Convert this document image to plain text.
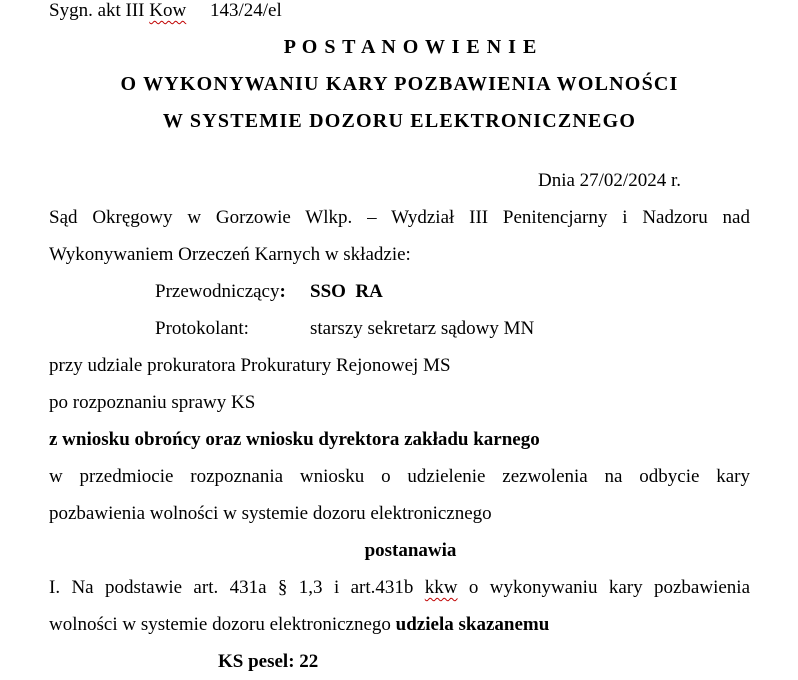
Sygn. akt III Kow     143/24/el
P O S T A N O W I E N I E
O WYKONYWANIU KARY POZBAWIENIA WOLNOŚCI
W SYSTEMIE DOZORU ELEKTRONICZNEGO
Dnia 27/02/2024 r.
Sąd Okręgowy w Gorzowie Wlkp. – Wydział III Penitencjarny i Nadzoru nad
Wykonywaniem Orzeczeń Karnych w składzie:
Przewodniczący: SSO  RA
Protokolant:	starszy sekretarz sądowy MN
przy udziale prokuratora Prokuratury Rejonowej MS
po rozpoznaniu sprawy KS
z wniosku obrońcy oraz wniosku dyrektora zakładu karnego
w przedmiocie rozpoznania wniosku o udzielenie zezwolenia na odbycie kary
pozbawienia wolności w systemie dozoru elektronicznego
postanawia
I. Na podstawie art. 431a § 1,3 i art.431b kkw o wykonywaniu kary pozbawienia
wolności w systemie dozoru elektronicznego udziela skazanemu
KS pesel: 22
